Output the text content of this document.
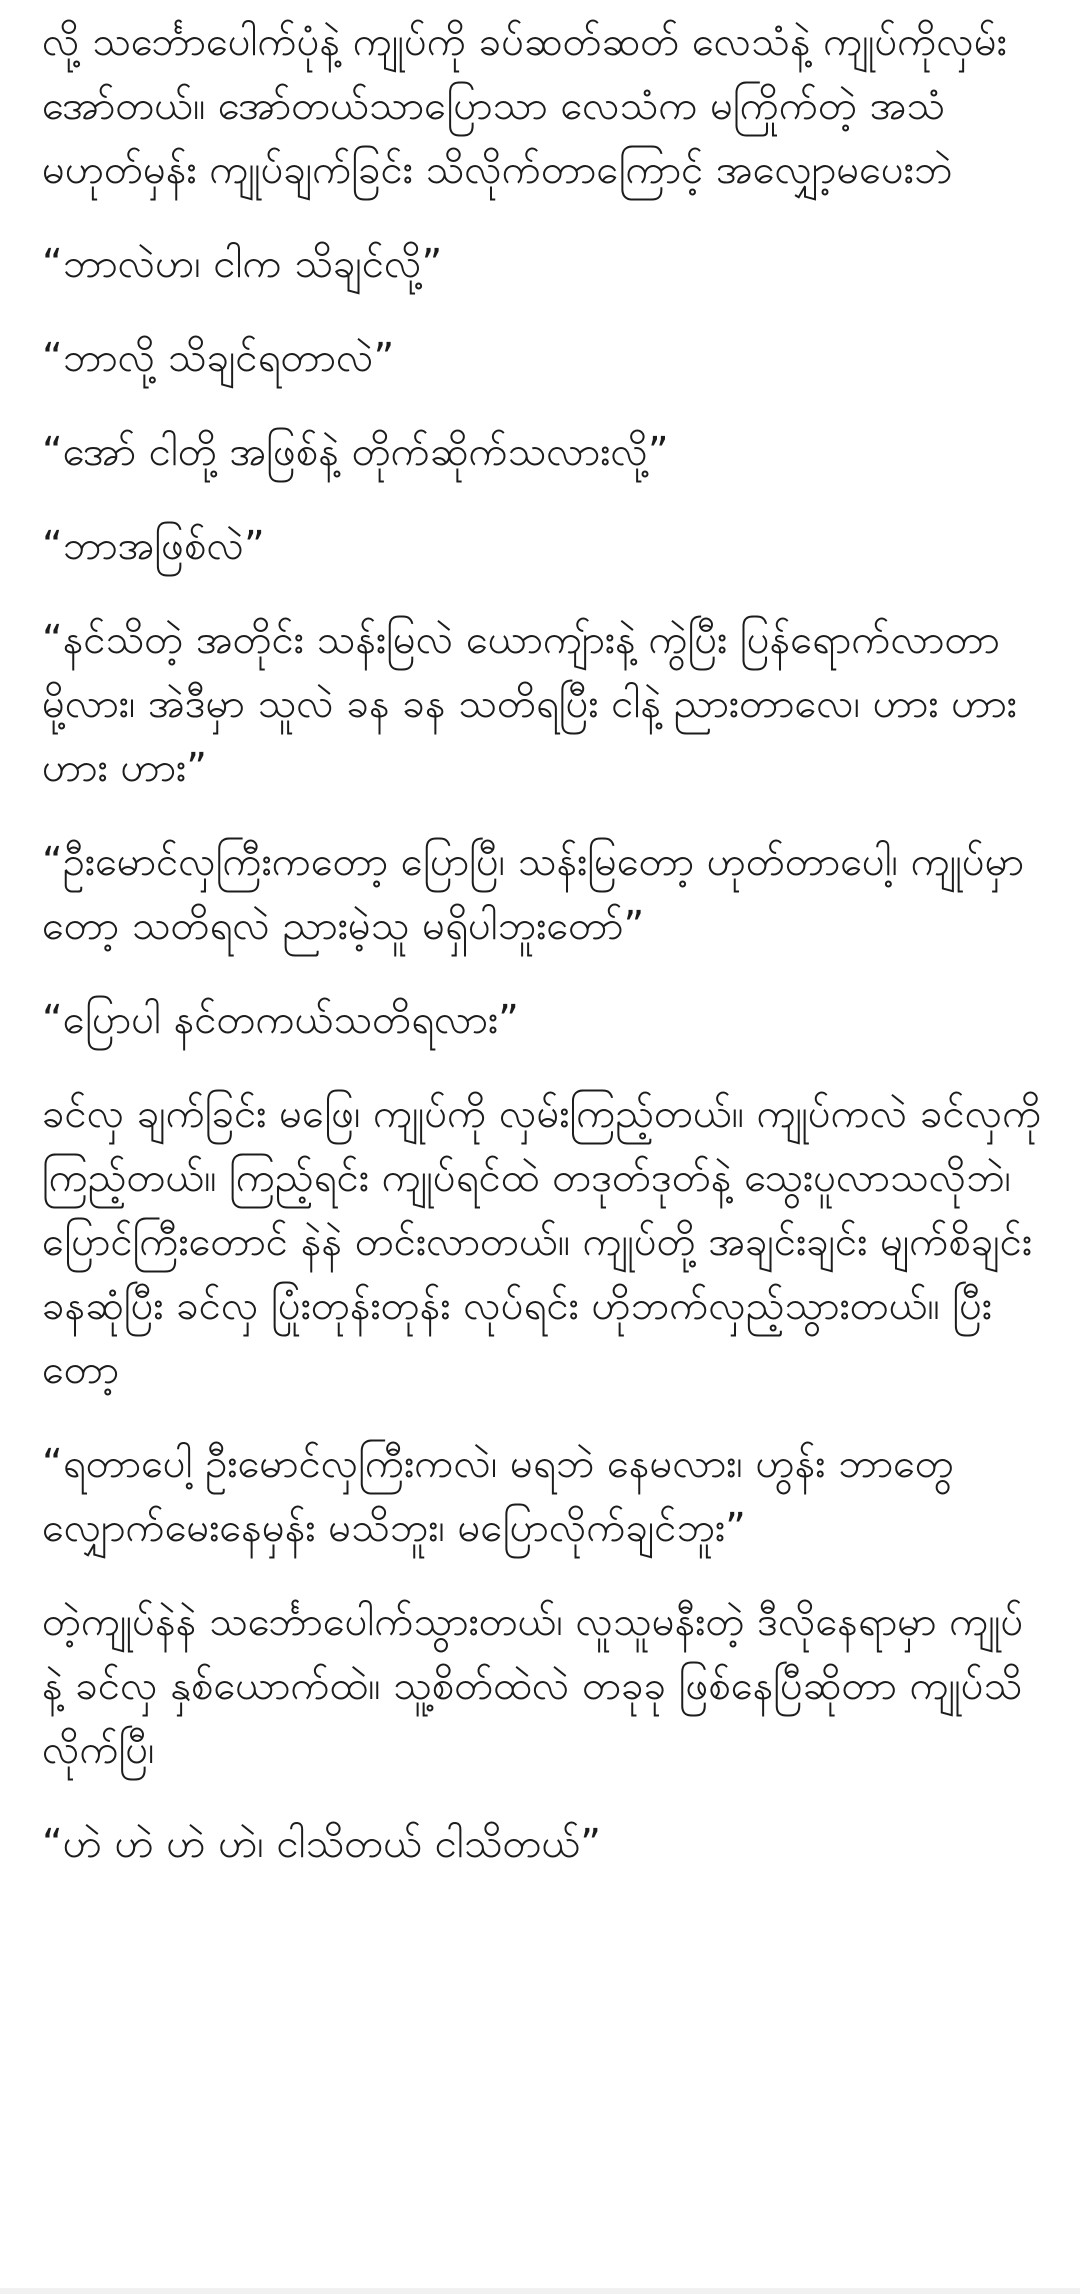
လို့ သင်္ဘောပေါက်ပုံနဲ့ ကျုပ်ကို ခပ်ဆတ်ဆတ် လေသံနဲ့ ကျုပ်ကိုလှမ်းအော်တယ်။ အော်တယ်သာပြောသာ လေသံက မကြိုက်တဲ့ အသံမဟုတ်မှန်း ကျုပ်ချက်ခြင်း သိလိုက်တာကြောင့် အလျှော့မပေးဘဲ

“ဘာလဲဟ၊ ငါက သိချင်လို့”

“ဘာလို့ သိချင်ရတာလဲ”

“အော် ငါတို့ အဖြစ်နဲ့ တိုက်ဆိုက်သလားလို့”

“ဘာအဖြစ်လဲ”

“နင်သိတဲ့ အတိုင်း သန်းမြလဲ ယောကျ်ားနဲ့ ကွဲပြီး ပြန်ရောက်လာတာ မို့လား၊ အဲဒီမှာ သူလဲ ခန ခန သတိရပြီး ငါနဲ့ ညားတာလေ၊ ဟား ဟား ဟား ဟား”

“ဦးမောင်လှကြီးကတော့ ပြောပြီ၊ သန်းမြတော့ ဟုတ်တာပေါ့၊ ကျုပ်မှာတော့ သတိရလဲ ညားမဲ့သူ မရှိပါဘူးတော်”

“ပြောပါ နင်တကယ်သတိရလား”

ခင်လှ ချက်ခြင်း မဖြေ၊ ကျုပ်ကို လှမ်းကြည့်တယ်။ ကျုပ်ကလဲ ခင်လှကို ကြည့်တယ်။ ကြည့်ရင်း ကျုပ်ရင်ထဲ တဒုတ်ဒုတ်နဲ့ သွေးပူလာသလိုဘဲ၊ ပြောင်ကြီးတောင် နဲနဲ တင်းလာတယ်။ ကျုပ်တို့ အချင်းချင်း မျက်စိချင်း ခနဆုံပြီး ခင်လှ ပြုံးတုန်းတုန်း လုပ်ရင်း ဟိုဘက်လှည့်သွားတယ်။ ပြီးတော့

“ရတာပေါ့ ဦးမောင်လှကြီးကလဲ၊ မရဘဲ နေမလား၊ ဟွန်း ဘာတွေ လျှောက်မေးနေမှန်း မသိဘူး၊ မပြောလိုက်ချင်ဘူး”

တဲ့ကျုပ်နဲနဲ သင်္ဘောပေါက်သွားတယ်၊ လူသူမနီးတဲ့ ဒီလိုနေရာမှာ ကျုပ်နဲ့ ခင်လှ နှစ်ယောက်ထဲ။ သူ့စိတ်ထဲလဲ တခုခု ဖြစ်နေပြီဆိုတာ ကျုပ်သိလိုက်ပြီ၊

“ဟဲ ဟဲ ဟဲ ဟဲ၊ ငါသိတယ် ငါသိတယ်”
